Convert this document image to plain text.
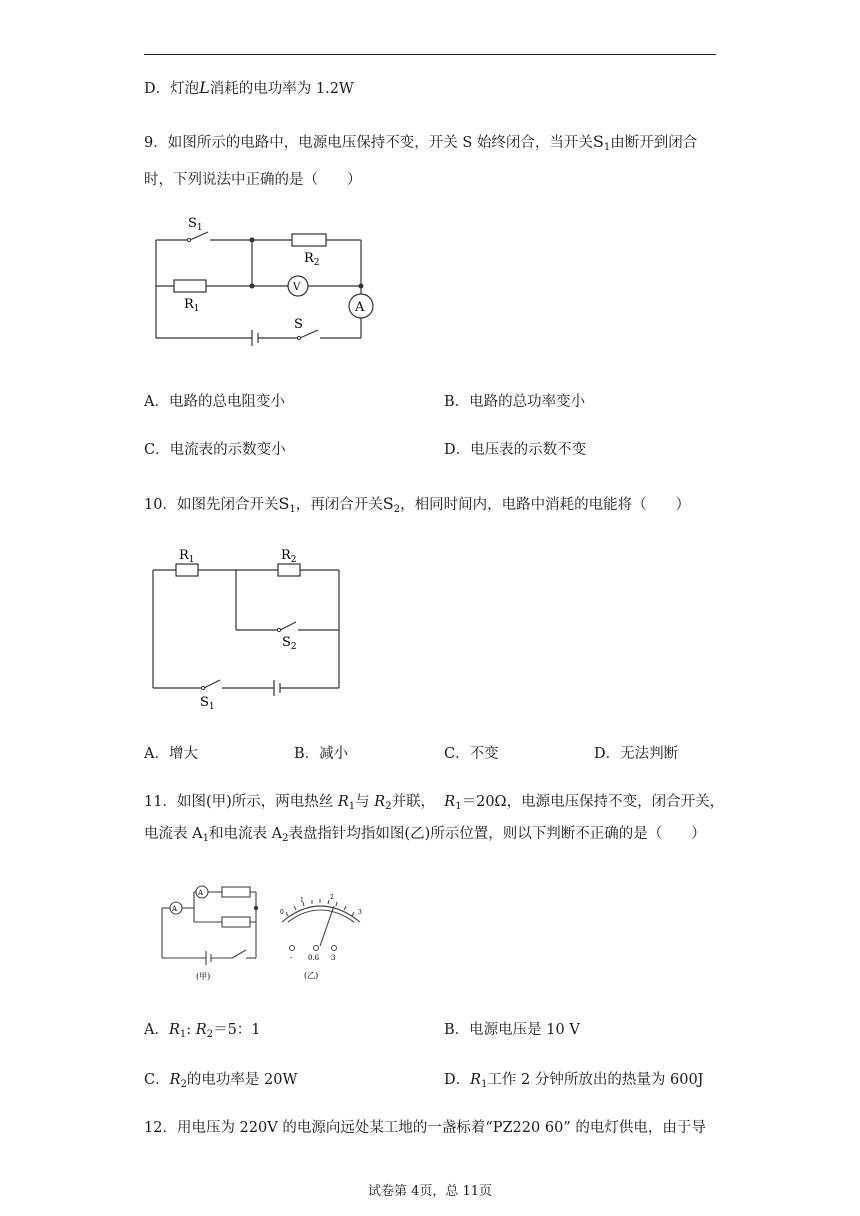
D．灯泡L消耗的电功率为 1.2W
9．如图所示的电路中，电源电压保持不变，开关 S 始终闭合，当开关$S_1$由断开到闭合
时，下列说法中正确的是（　　）
$S_1$
$R_2$
$R_1$
V
A
S
A．电路的总电阻变小	B．电路的总功率变小
C．电流表的示数变小	D．电压表的示数不变
10．如图先闭合开关$S_1$，再闭合开关$S_2$，相同时间内，电路中消耗的电能将（　　）
$R_1$	$R_2$
$S_2$
$S_1$
A．增大	B．减小	C．不变	D．无法判断
11．如图(甲)所示，两电热丝 $R_1$与 $R_2$并联， $R_1=20\Omega$，电源电压保持不变，闭合开关，
电流表 $A_1$和电流表 $A_2$表盘指针均指如图(乙)所示位置，则以下判断不正确的是（　　）
A
A
(甲)
0
1	2
3
- 0.6 3
(乙)
A．$R_1$: $R_2=5$：1	B．电源电压是 10 V
C．$R_2$的电功率是 20W	D．$R_1$工作 2 分钟所放出的热量为 600J
12．用电压为 220V 的电源向远处某工地的一盏标着“PZ220 60” 的电灯供电，由于导
试卷第 4页，总 11页
